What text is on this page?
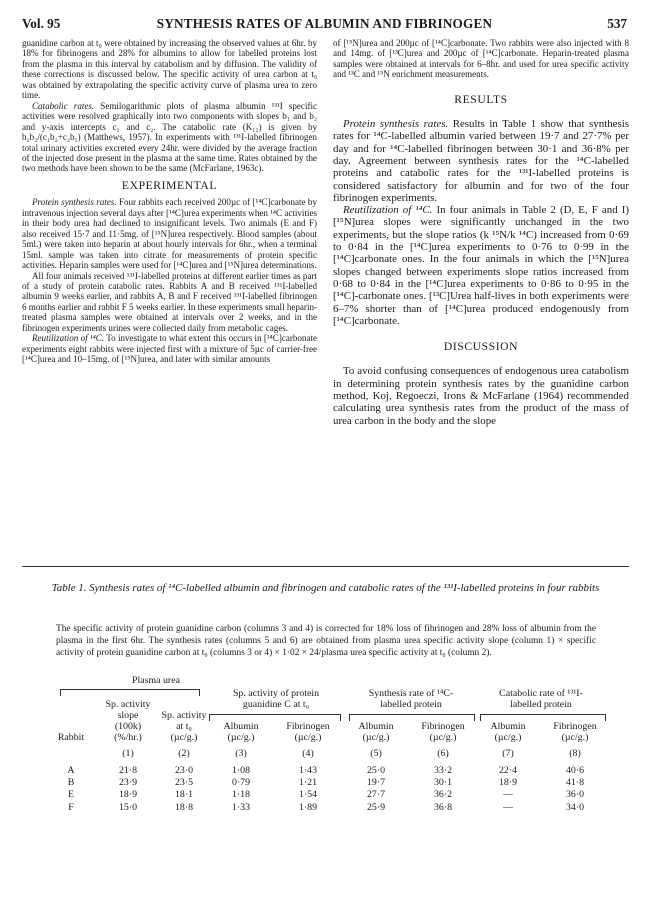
Vol. 95	SYNTHESIS RATES OF ALBUMIN AND FIBRINOGEN	537

guanidine carbon at t₀ were obtained by increasing the observed values at 6hr. by 18% for fibrinogens and 28% for albumins to allow for labelled proteins lost from the plasma in this interval by catabolism and by diffusion. The validity of these corrections is discussed below. The specific activity of urea carbon at t₀ was obtained by extrapolating the specific activity curve of plasma urea to zero time.

Catabolic rates. Semilogarithmic plots of plasma albumin ¹³¹I specific activities were resolved graphically into two components with slopes b₁ and b₂ and y-axis intercepts c₁ and c₂. The catabolic rate (K₁₂) is given by b₁b₂/(c₁b₂+c₂b₁) (Matthews, 1957). In experiments with ¹³¹I-labelled fibrinogen total urinary activities excreted every 24hr. were divided by the average fraction of the injected dose present in the plasma at the same time. Rates obtained by the two methods have been shown to be the same (McFarlane, 1963c).

EXPERIMENTAL

Protein synthesis rates. Four rabbits each received 200µc of [¹⁴C]carbonate by intravenous injection several days after [¹⁴C]urea experiments when ¹⁴C activities in their body urea had declined to insignificant levels. Two animals (E and F) also received 15·7 and 11·5mg. of [¹⁵N]urea respectively. Blood samples (about 5ml.) were taken into heparin at about hourly intervals for 6hr., when a terminal 15ml. sample was taken into citrate for measurements of protein specific activities. Heparin samples were used for [¹⁴C]urea and [¹⁵N]urea determinations.

All four animals received ¹³¹I-labelled proteins at different earlier times as part of a study of protein catabolic rates. Rabbits A and B received ¹³¹I-labelled albumin 9 weeks earlier, and rabbits A, B and F received ¹³¹I-labelled fibrinogen 6 months earlier and rabbit F 5 weeks earlier. In these experiments small heparin-treated plasma samples were obtained at intervals over 2 weeks, and in the fibrinogen experiments urines were collected daily from metabolic cages.

Reutilization of ¹⁴C. To investigate to what extent this occurs in [¹⁴C]carbonate experiments eight rabbits were injected first with a mixture of 5µc of carrier-free [¹⁴C]urea and 10–15mg. of [¹⁵N]urea, and later with similar amounts

of [¹⁵N]urea and 200µc of [¹⁴C]carbonate. Two rabbits were also injected with 8 and 14mg. of [¹³C]urea and 200µc of [¹⁴C]carbonate. Heparin-treated plasma samples were obtained at intervals for 6–8hr. and used for urea specific activity and ¹³C and ¹⁵N enrichment measurements.

RESULTS

Protein synthesis rates. Results in Table 1 show that synthesis rates for ¹⁴C-labelled albumin varied between 19·7 and 27·7% per day and for ¹⁴C-labelled fibrinogen between 30·1 and 36·8% per day. Agreement between synthesis rates for the ¹⁴C-labelled proteins and catabolic rates for the ¹³¹I-labelled proteins is considered satisfactory for albumin and for two of the four fibrinogen experiments.

Reutilization of ¹⁴C. In four animals in Table 2 (D, E, F and I) [¹⁵N]urea slopes were significantly unchanged in the two experiments, but the slope ratios (k ¹⁵N/k ¹⁴C) increased from 0·69 to 0·84 in the [¹⁴C]urea experiments to 0·76 to 0·99 in the [¹⁴C]carbonate ones. In the four animals in which the [¹⁵N]urea slopes changed between experiments slope ratios increased from 0·68 to 0·84 in the [¹⁴C]urea experiments to 0·86 to 0·95 in the [¹⁴C]-carbonate ones. [¹³C]Urea half-lives in both experiments were 6–7% shorter than of [¹⁴C]urea produced endogenously from [¹⁴C]carbonate.

DISCUSSION

To avoid confusing consequences of endogenous urea catabolism in determining protein synthesis rates by the guanidine carbon method, Koj, Regoeczi, Irons & McFarlane (1964) recommended calculating urea synthesis rates from the product of the mass of urea carbon in the body and the slope

Table 1. Synthesis rates of ¹⁴C-labelled albumin and fibrinogen and catabolic rates of the ¹³¹I-labelled proteins in four rabbits
The specific activity of protein guanidine carbon (columns 3 and 4) is corrected for 18% loss of fibrinogen and 28% loss of albumin from the plasma in the first 6hr. The synthesis rates (columns 5 and 6) are obtained from plasma urea specific activity slope (column 1) × specific activity of protein guanidine carbon at t₀ (columns 3 or 4) × 1·02 × 24/plasma urea specific activity at t₀ (column 2).
Plasma urea
Sp. activity of protein
guanidine C at t₀
Synthesis rate of ¹⁴C-
labelled protein
Catabolic rate of ¹³¹I-
labelled protein
Sp. activity
slope
(100k)
(%/hr.)
Sp. activity
at t₀
(µc/g.)
Rabbit
Albumin
(µc/g.)
Fibrinogen
(µc/g.)
Albumin
(µc/g.)
Fibrinogen
(µc/g.)
Albumin
(µc/g.)
Fibrinogen
(µc/g.)
(1)	(2)	(3)	(4)	(5)	(6)	(7)	(8)
A	21·8	23·0	1·08	1·43	25·0	33·2	22·4	40·6
B	23·9	23·5	0·79	1·21	19·7	30·1	18·9	41·8
E	18·9	18·1	1·18	1·54	27·7	36·2	—	36·0
F	15·0	18·8	1·33	1·89	25·9	36·8	—	34·0
